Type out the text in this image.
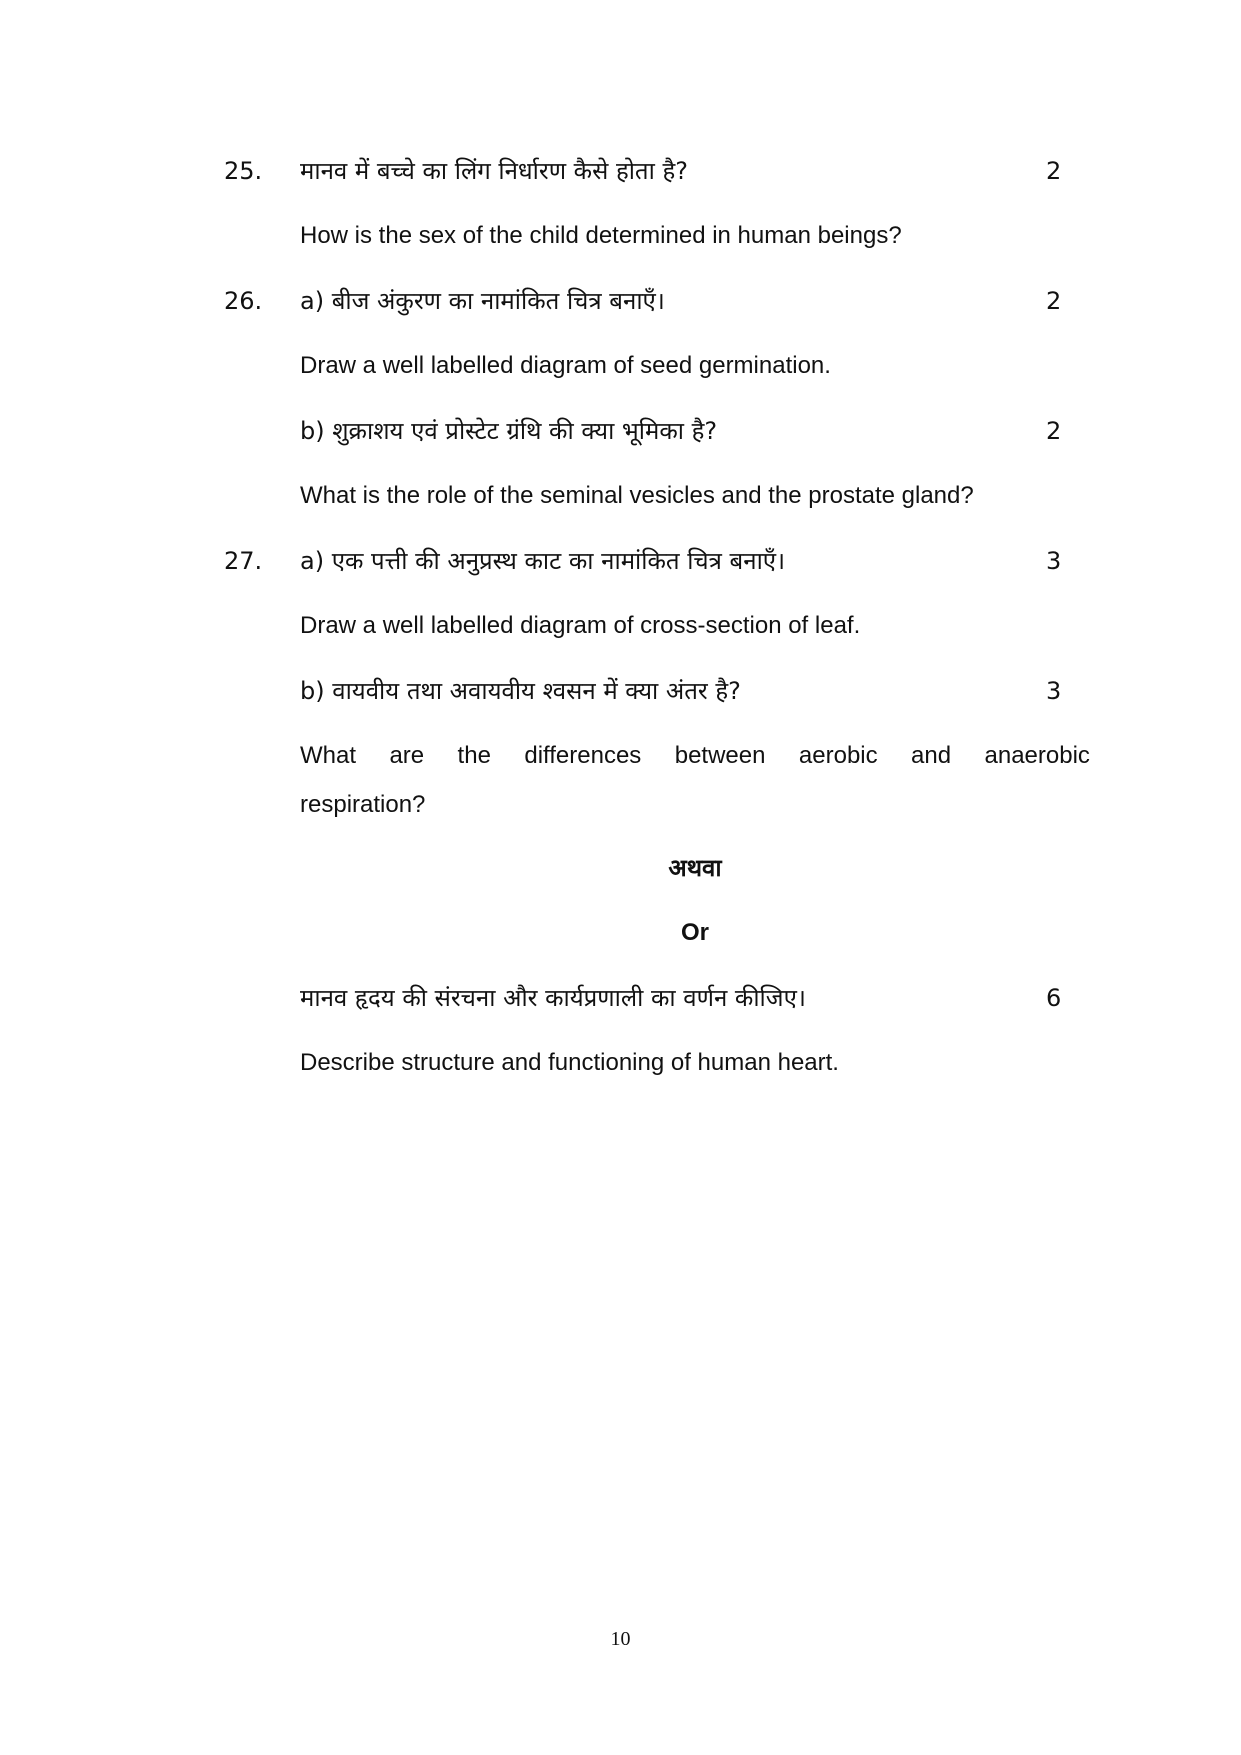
25. मानव में बच्चे का लिंग निर्धारण कैसे होता है?	2
How is the sex of the child determined in human beings?
26. a) बीज अंकुरण का नामांकित चित्र बनाएँ।	2
Draw a well labelled diagram of seed germination.
b) शुक्राशय एवं प्रोस्टेट ग्रंथि की क्या भूमिका है?	2
What is the role of the seminal vesicles and the prostate gland?
27. a) एक पत्ती की अनुप्रस्थ काट का नामांकित चित्र बनाएँ।	3
Draw a well labelled diagram of cross-section of leaf.
b) वायवीय तथा अवायवीय श्वसन में क्या अंतर है?	3
What are the differences between aerobic and anaerobic
respiration?
अथवा
Or
मानव हृदय की संरचना और कार्यप्रणाली का वर्णन कीजिए।	6
Describe structure and functioning of human heart.
10
